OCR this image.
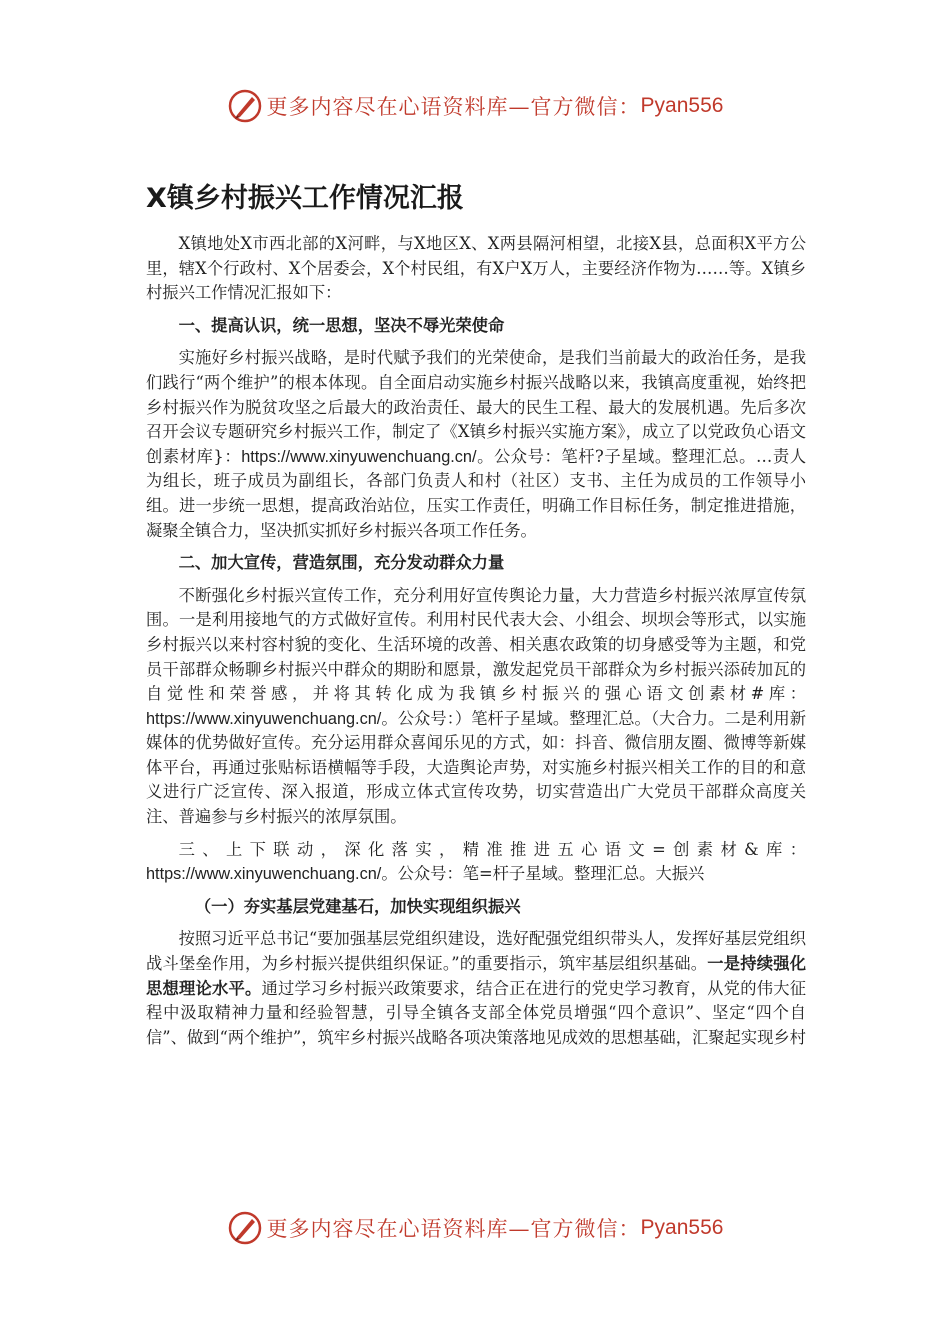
更多内容尽在心语资料库—官方微信： Pyan556
X镇乡村振兴工作情况汇报

X镇地处X市西北部的X河畔，与X地区X、X两县隔河相望，北接X县，总面积X平方公里，辖X个行政村、X个居委会，X个村民组，有X户X万人，主要经济作物为……等。X镇乡村振兴工作情况汇报如下：

一、提高认识，统一思想，坚决不辱光荣使命

实施好乡村振兴战略，是时代赋予我们的光荣使命，是我们当前最大的政治任务，是我们践行“两个维护”的根本体现。自全面启动实施乡村振兴战略以来，我镇高度重视，始终把乡村振兴作为脱贫攻坚之后最大的政治责任、最大的民生工程、最大的发展机遇。先后多次召开会议专题研究乡村振兴工作，制定了《X镇乡村振兴实施方案》，成立了以党政负心语文创素材库}：https://www.xinyuwenchuang.cn/。公众号：笔杆?子星域。整理汇总。…责人为组长，班子成员为副组长，各部门负责人和村（社区）支书、主任为成员的工作领导小组。进一步统一思想，提高政治站位，压实工作责任，明确工作目标任务，制定推进措施，凝聚全镇合力，坚决抓实抓好乡村振兴各项工作任务。

二、加大宣传，营造氛围，充分发动群众力量

不断强化乡村振兴宣传工作，充分利用好宣传舆论力量，大力营造乡村振兴浓厚宣传氛围。一是利用接地气的方式做好宣传。利用村民代表大会、小组会、坝坝会等形式，以实施乡村振兴以来村容村貌的变化、生活环境的改善、相关惠农政策的切身感受等为主题，和党员干部群众畅聊乡村振兴中群众的期盼和愿景，激发起党员干部群众为乡村振兴添砖加瓦的自觉性和荣誉感，并将其转化成为我镇乡村振兴的强心语文创素材#库：https://www.xinyuwenchuang.cn/。公众号：）笔杆子星域。整理汇总。（大合力。二是利用新媒体的优势做好宣传。充分运用群众喜闻乐见的方式，如：抖音、微信朋友圈、微博等新媒体平台，再通过张贴标语横幅等手段，大造舆论声势，对实施乡村振兴相关工作的目的和意义进行广泛宣传、深入报道，形成立体式宣传攻势，切实营造出广大党员干部群众高度关注、普遍参与乡村振兴的浓厚氛围。

三、上下联动，深化落实，精准推进五心语文=创素材&库：https://www.xinyuwenchuang.cn/。公众号：笔=杆子星域。整理汇总。大振兴

（一）夯实基层党建基石，加快实现组织振兴

按照习近平总书记“要加强基层党组织建设，选好配强党组织带头人，发挥好基层党组织战斗堡垒作用，为乡村振兴提供组织保证。”的重要指示，筑牢基层组织基础。一是持续强化思想理论水平。通过学习乡村振兴政策要求，结合正在进行的党史学习教育，从党的伟大征程中汲取精神力量和经验智慧，引导全镇各支部全体党员增强“四个意识”、坚定“四个自信”、做到“两个维护”，筑牢乡村振兴战略各项决策落地见成效的思想基础，汇聚起实现乡村

更多内容尽在心语资料库—官方微信： Pyan556
